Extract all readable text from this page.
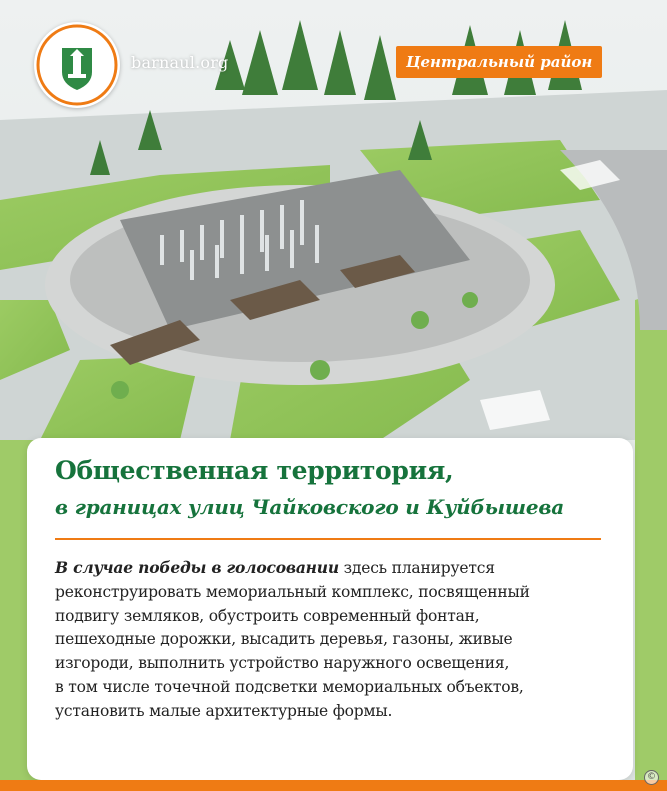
barnaul.org	Центральный район
Общественная территория,
в границах улиц Чайковского и Куйбышева

В случае победы в голосовании здесь планируется
реконструировать мемориальный комплекс, посвященный
подвигу земляков, обустроить современный фонтан,
пешеходные дорожки, высадить деревья, газоны, живые
изгороди, выполнить устройство наружного освещения,
в том числе точечной подсветки мемориальных объектов,
установить малые архитектурные формы.

©
